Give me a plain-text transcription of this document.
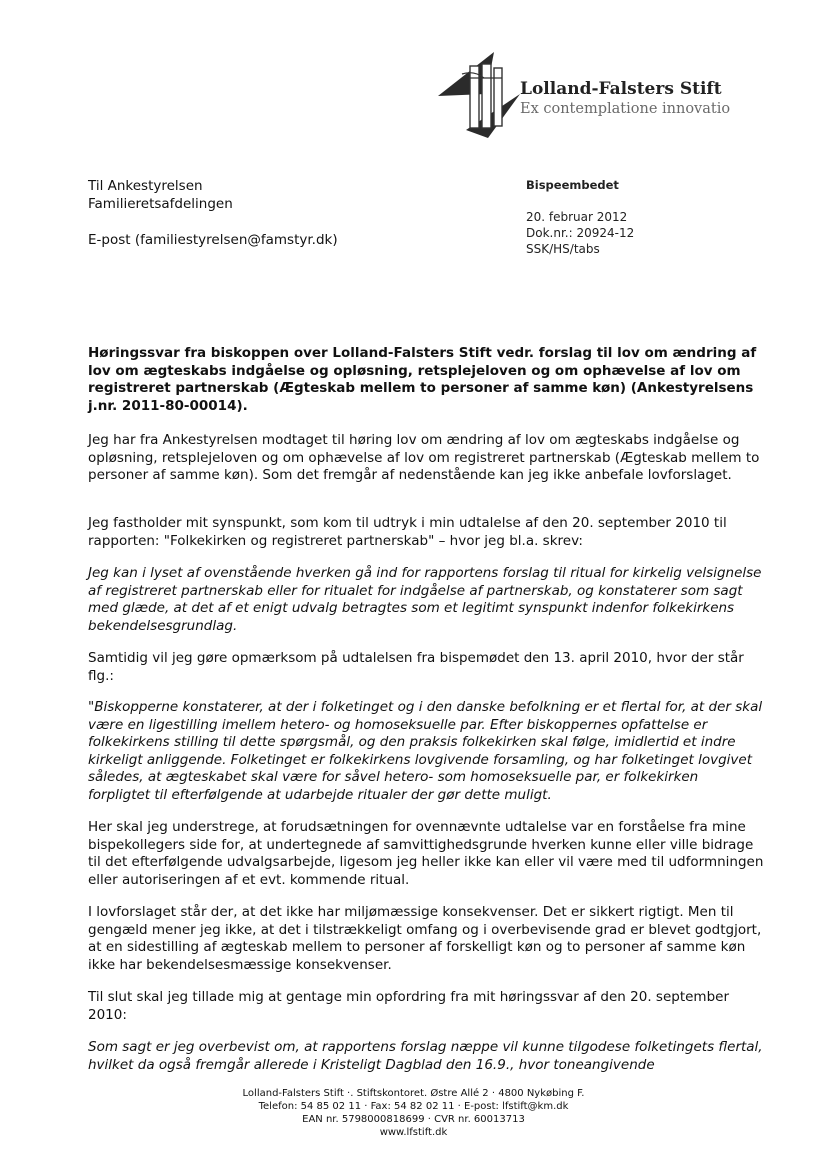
Lolland-Falsters Stift
Ex contemplatione innovatio
Til Ankestyrelsen
Familieretsafdelingen
E-post (familiestyrelsen@famstyr.dk)
Bispeembedet
20. februar 2012
Dok.nr.: 20924-12
SSK/HS/tabs

Høringssvar fra biskoppen over Lolland-Falsters Stift vedr. forslag til lov om ændring af lov om ægteskabs indgåelse og opløsning, retsplejeloven og om ophævelse af lov om registreret partnerskab (Ægteskab mellem to personer af samme køn) (Ankestyrelsens j.nr. 2011-80-00014).

Jeg har fra Ankestyrelsen modtaget til høring lov om ændring af lov om ægteskabs indgåelse og opløsning, retsplejeloven og om ophævelse af lov om registreret partnerskab (Ægteskab mellem to personer af samme køn). Som det fremgår af nedenstående kan jeg ikke anbefale lovforslaget.

Jeg fastholder mit synspunkt, som kom til udtryk i min udtalelse af den 20. september 2010 til rapporten: "Folkekirken og registreret partnerskab" – hvor jeg bl.a. skrev:

Jeg kan i lyset af ovenstående hverken gå ind for rapportens forslag til ritual for kirkelig velsignelse af registreret partnerskab eller for ritualet for indgåelse af partnerskab, og konstaterer som sagt med glæde, at det af et enigt udvalg betragtes som et legitimt synspunkt indenfor folkekirkens bekendelsesgrundlag.

Samtidig vil jeg gøre opmærksom på udtalelsen fra bispemødet den 13. april 2010, hvor der står flg.:

"Biskopperne konstaterer, at der i folketinget og i den danske befolkning er et flertal for, at der skal være en ligestilling imellem hetero- og homoseksuelle par. Efter biskoppernes opfattelse er folkekirkens stilling til dette spørgsmål, og den praksis folkekirken skal følge, imidlertid et indre kirkeligt anliggende. Folketinget er folkekirkens lovgivende forsamling, og har folketinget lovgivet således, at ægteskabet skal være for såvel hetero- som homoseksuelle par, er folkekirken forpligtet til efterfølgende at udarbejde ritualer der gør dette muligt.

Her skal jeg understrege, at forudsætningen for ovennævnte udtalelse var en forståelse fra mine bispekollegers side for, at undertegnede af samvittighedsgrunde hverken kunne eller ville bidrage til det efterfølgende udvalgsarbejde, ligesom jeg heller ikke kan eller vil være med til udformningen eller autoriseringen af et evt. kommende ritual.

I lovforslaget står der, at det ikke har miljømæssige konsekvenser. Det er sikkert rigtigt. Men til gengæld mener jeg ikke, at det i tilstrækkeligt omfang og i overbevisende grad er blevet godtgjort, at en sidestilling af ægteskab mellem to personer af forskelligt køn og to personer af samme køn ikke har bekendelsesmæssige konsekvenser.

Til slut skal jeg tillade mig at gentage min opfordring fra mit høringssvar af den 20. september 2010:

Som sagt er jeg overbevist om, at rapportens forslag næppe vil kunne tilgodese folketingets flertal, hvilket da også fremgår allerede i Kristeligt Dagblad den 16.9., hvor toneangivende

Lolland-Falsters Stift ·. Stiftskontoret. Østre Allé 2 · 4800 Nykøbing F.
Telefon: 54 85 02 11 · Fax: 54 82 02 11 · E-post: lfstift@km.dk
EAN nr. 5798000818699 · CVR nr. 60013713
www.lfstift.dk
